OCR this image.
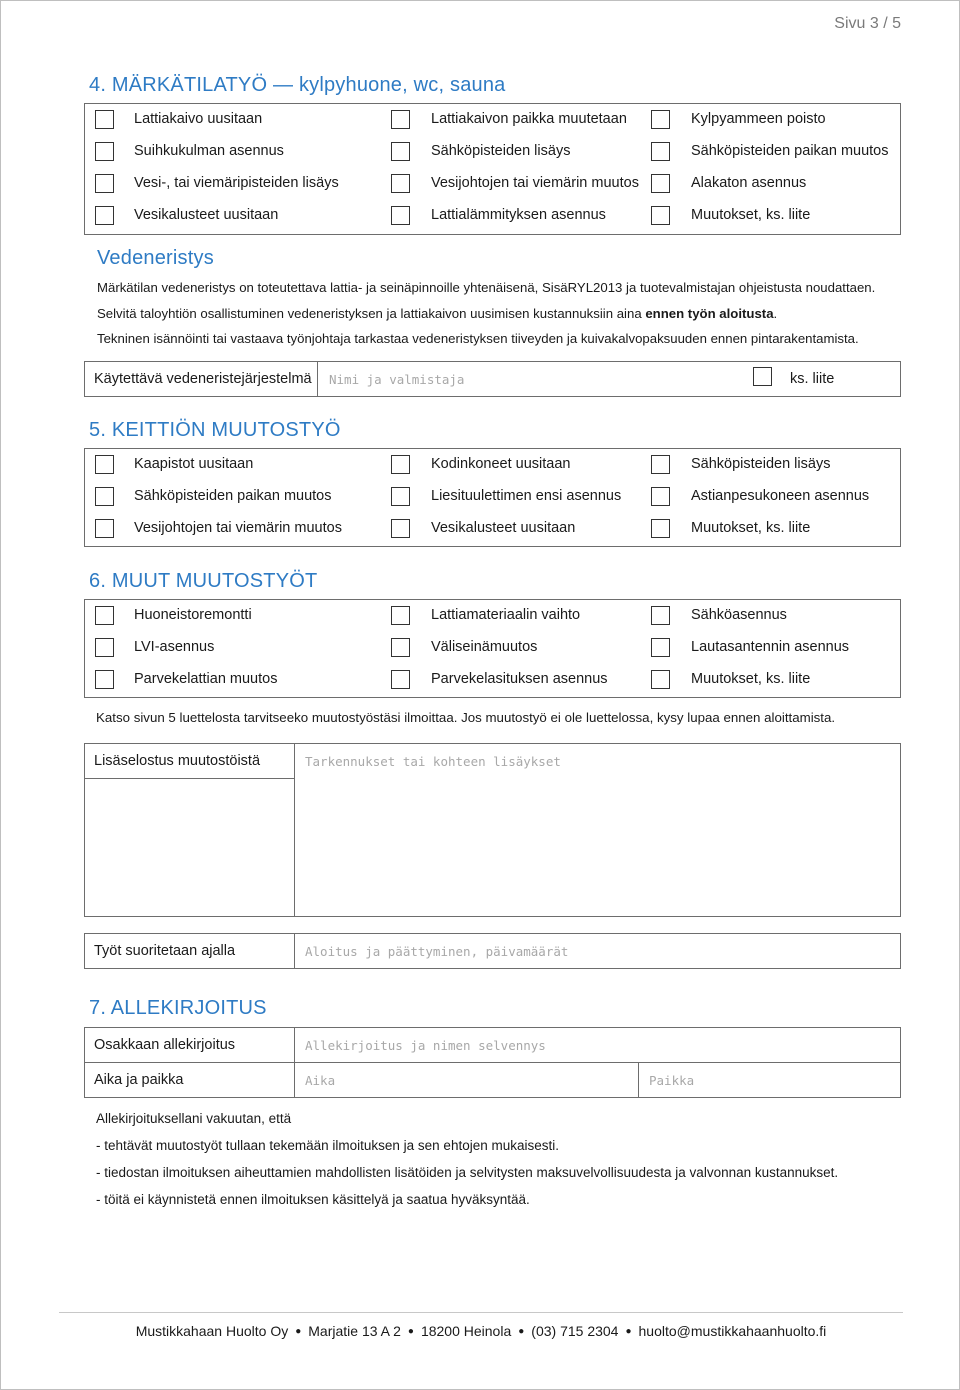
Sivu 3 / 5
4. MÄRKÄTILATYÖ — kylpyhuone, wc, sauna
Lattiakaivo uusitaan	Lattiakaivon paikka muutetaan	Kylpyammeen poisto
Suihkukulman asennus	Sähköpisteiden lisäys	Sähköpisteiden paikan muutos
Vesi-, tai viemäripisteiden lisäys	Vesijohtojen tai viemärin muutos	Alakaton asennus
Vesikalusteet uusitaan	Lattialämmityksen asennus	Muutokset, ks. liite
Vedeneristys

Märkätilan vedeneristys on toteutettava lattia- ja seinäpinnoille yhtenäisenä, SisäRYL2013 ja tuotevalmistajan ohjeistusta noudattaen.

Selvitä taloyhtiön osallistuminen vedeneristyksen ja lattiakaivon uusimisen kustannuksiin aina ennen työn aloitusta.

Tekninen isännöinti tai vastaava työnjohtaja tarkastaa vedeneristyksen tiiveyden ja kuivakalvopaksuuden ennen pintarakentamista.

Käytettävä vedeneristejärjestelmä Nimi ja valmistaja	ks. liite
5. KEITTIÖN MUUTOSTYÖ
Kaapistot uusitaan	Kodinkoneet uusitaan	Sähköpisteiden lisäys
Sähköpisteiden paikan muutos	Liesituulettimen ensi asennus	Astianpesukoneen asennus
Vesijohtojen tai viemärin muutos	Vesikalusteet uusitaan	Muutokset, ks. liite
6. MUUT MUUTOSTYÖT
Huoneistoremontti	Lattiamateriaalin vaihto	Sähköasennus
LVI-asennus	Väliseinämuutos	Lautasantennin asennus
Parvekelattian muutos	Parvekelasituksen asennus	Muutokset, ks. liite
Katso sivun 5 luettelosta tarvitseeko muutostyöstäsi ilmoittaa. Jos muutostyö ei ole luettelossa, kysy lupaa ennen aloittamista.
Lisäselostus muutostöistä	Tarkennukset tai kohteen lisäykset
Työt suoritetaan ajalla	Aloitus ja päättyminen, päivamäärät
7. ALLEKIRJOITUS
Osakkaan allekirjoitus	Allekirjoitus ja nimen selvennys
Aika ja paikka	Aika	Paikka
Allekirjoituksellani vakuutan, että
- tehtävät muutostyöt tullaan tekemään ilmoituksen ja sen ehtojen mukaisesti.
- tiedostan ilmoituksen aiheuttamien mahdollisten lisätöiden ja selvitysten maksuvelvollisuudesta ja valvonnan kustannukset.
- töitä ei käynnistetä ennen ilmoituksen käsittelyä ja saatua hyväksyntää.
Mustikkahaan Huolto Oy ● Marjatie 13 A 2 ● 18200 Heinola ● (03) 715 2304 ● huolto@mustikkahaanhuolto.fi
